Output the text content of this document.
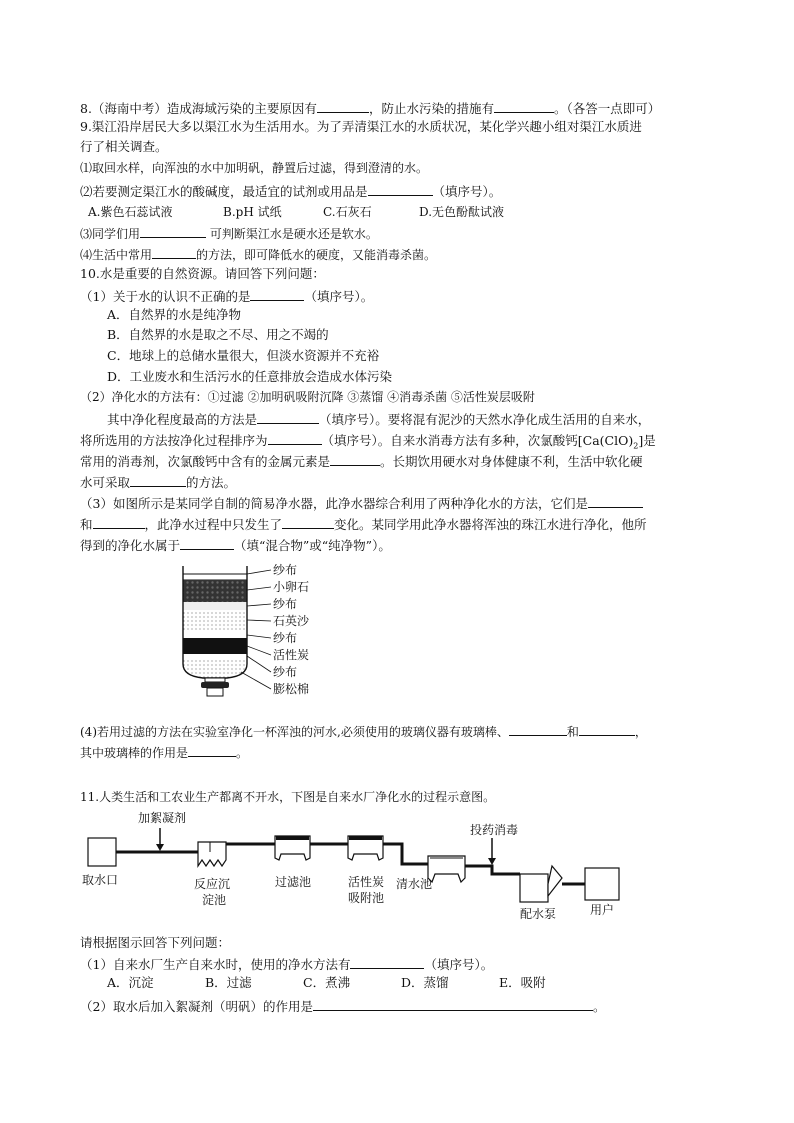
8.（海南中考）造成海域污染的主要原因有	，防止水污染的措施有	。（各答一点即可）
9.渠江沿岸居民大多以渠江水为生活用水。为了弄清渠江水的水质状况，某化学兴趣小组对渠江水质进
行了相关调查。
⑴取回水样，向浑浊的水中加明矾，静置后过滤，得到澄清的水。
⑵若要测定渠江水的酸碱度，最适宜的试剂或用品是	（填序号）。
A.紫色石蕊试液	B.pH 试纸	C.石灰石	D.无色酚酞试液
⑶同学们用	可判断渠江水是硬水还是软水。
⑷生活中常用	的方法，即可降低水的硬度，又能消毒杀菌。
10.水是重要的自然资源。请回答下列问题：
（1）关于水的认识不正确的是	（填序号）。
A．自然界的水是纯净物
B．自然界的水是取之不尽、用之不竭的
C．地球上的总储水量很大，但淡水资源并不充裕
D．工业废水和生活污水的任意排放会造成水体污染
（2）净化水的方法有：①过滤 ②加明矾吸附沉降 ③蒸馏 ④消毒杀菌 ⑤活性炭层吸附
其中净化程度最高的方法是	（填序号）。要将混有泥沙的天然水净化成生活用的自来水，
将所选用的方法按净化过程排序为	（填序号）。自来水消毒方法有多种，次氯酸钙$[Ca(ClO)_2]$是
常用的消毒剂，次氯酸钙中含有的金属元素是	。长期饮用硬水对身体健康不利，生活中软化硬
水可采取	的方法。
（3）如图所示是某同学自制的简易净水器，此净水器综合利用了两种净化水的方法，它们是
和	，此净水过程中只发生了	变化。某同学用此净水器将浑浊的珠江水进行净化，他所
得到的净化水属于	（填“混合物”或“纯净物”）。
纱布
小卵石
纱布
石英沙
纱布
活性炭
纱布
膨松棉
(4)若用过滤的方法在实验室净化一杯浑浊的河水,必须使用的玻璃仪器有玻璃棒、	和	，
其中玻璃棒的作用是	。
11.人类生活和工农业生产都离不开水，下图是自来水厂净化水的过程示意图。
加絮凝剂
投药消毒
取水口	反应沉
淀池
过滤池	活性炭
吸附池
清水池
配水泵	用户
请根据图示回答下列问题：
（1）自来水厂生产自来水时，使用的净水方法有	（填序号）。
A．沉淀	B．过滤	C．煮沸	D．蒸馏	E．吸附
（2）取水后加入絮凝剂（明矾）的作用是	。
